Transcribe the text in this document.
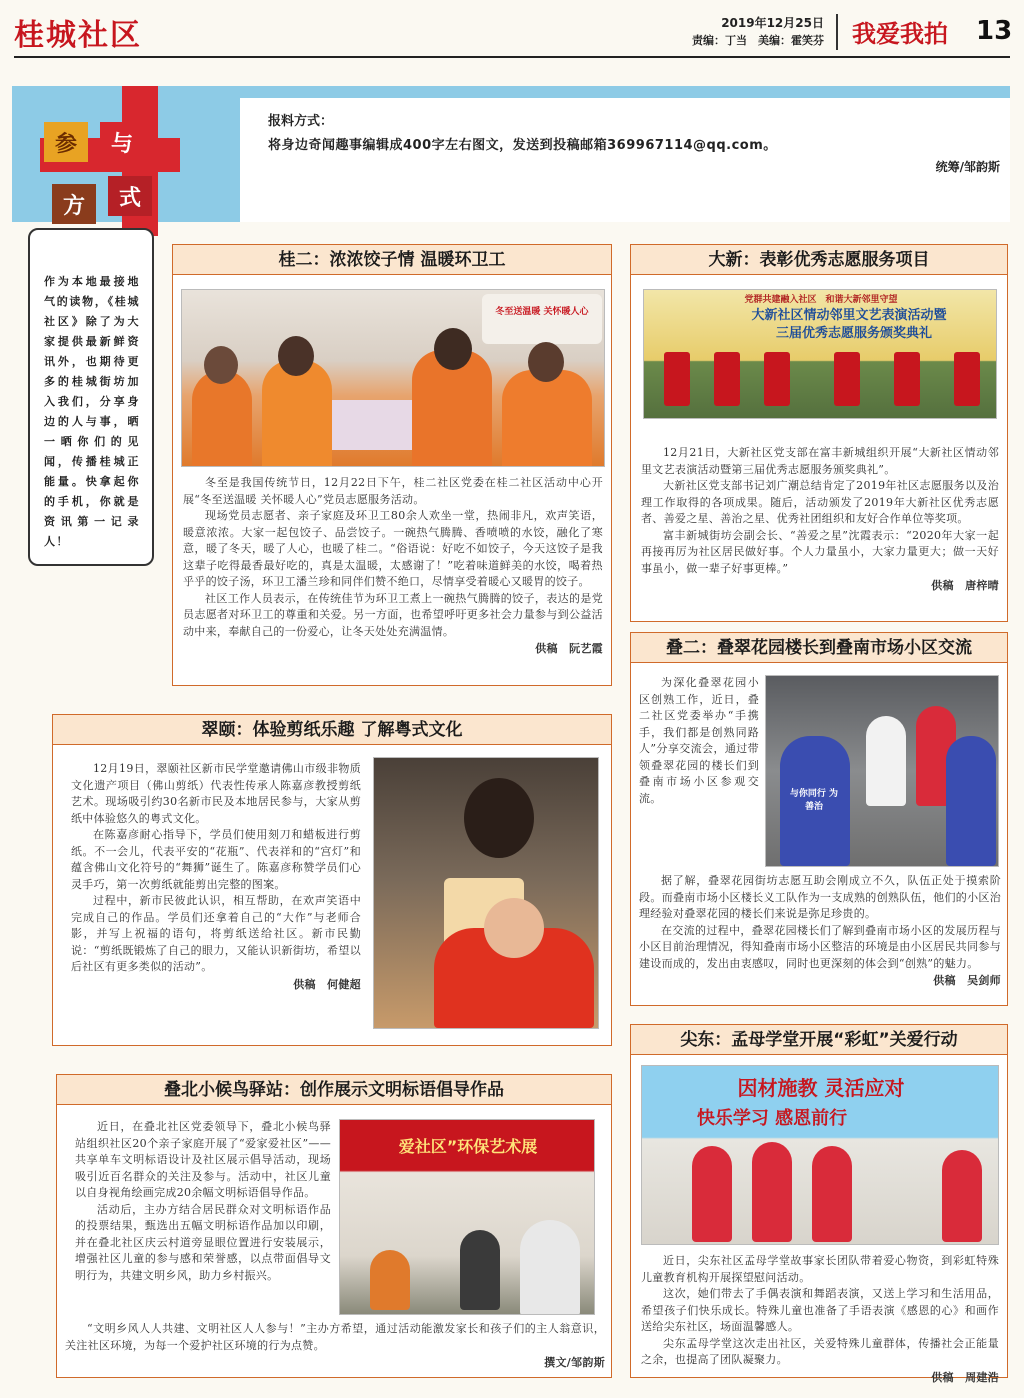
桂城社区	2019年12月25日
责编：丁当　美编：霍笑芬 我爱我拍 13
参	与
方	式
报料方式：
将身边奇闻趣事编辑成400字左右图文，发送到投稿邮箱369967114@qq.com。
统筹/邹韵斯
作为本地最接地气的读物，《桂城社区》除了为大家提供最新鲜资讯外，也期待更多的桂城街坊加入我们，分享身边的人与事，晒一晒你们的见闻，传播桂城正能量。快拿起你的手机，你就是资讯第一记录人！
桂二：浓浓饺子情 温暖环卫工
冬至送温暖 关怀暖人心

冬至是我国传统节日，12月22日下午，桂二社区党委在桂二社区活动中心开展“冬至送温暖 关怀暖人心”党员志愿服务活动。

现场党员志愿者、亲子家庭及环卫工80余人欢坐一堂，热闹非凡，欢声笑语，暖意浓浓。大家一起包饺子、品尝饺子。一碗热气腾腾、香喷喷的水饺，融化了寒意，暖了冬天，暖了人心，也暖了桂二。“俗语说：好吃不如饺子，今天这饺子是我这辈子吃得最香最好吃的，真是太温暖，太感谢了！”吃着味道鲜美的水饺，喝着热乎乎的饺子汤，环卫工潘兰珍和同伴们赞不绝口，尽情享受着暖心又暖胃的饺子。

社区工作人员表示，在传统佳节为环卫工煮上一碗热气腾腾的饺子，表达的是党员志愿者对环卫工的尊重和关爱。另一方面，也希望呼吁更多社会力量参与到公益活动中来，奉献自己的一份爱心，让冬天处处充满温情。

供稿　阮艺霞
大新：表彰优秀志愿服务项目
党群共建融入社区　和谐大新邻里守望
大新社区情动邻里文艺表演活动暨
三届优秀志愿服务颁奖典礼

12月21日，大新社区党支部在富丰新城组织开展“大新社区情动邻里文艺表演活动暨第三届优秀志愿服务颁奖典礼”。

大新社区党支部书记刘广潮总结肯定了2019年社区志愿服务以及治理工作取得的各项成果。随后，活动颁发了2019年大新社区优秀志愿者、善爱之星、善治之星、优秀社团组织和友好合作单位等奖项。

富丰新城街坊会副会长、“善爱之星”沈霞表示：“2020年大家一起再接再厉为社区居民做好事。个人力量虽小，大家力量更大；做一天好事虽小，做一辈子好事更棒。”

供稿　唐梓晴
叠二：叠翠花园楼长到叠南市场小区交流
与你同行 为善治

为深化叠翠花园小区创熟工作，近日，叠二社区党委举办“手携手，我们都是创熟同路人”分享交流会，通过带领叠翠花园的楼长们到叠南市场小区参观交流。

据了解，叠翠花园街坊志愿互助会刚成立不久，队伍正处于摸索阶段。而叠南市场小区楼长义工队作为一支成熟的创熟队伍，他们的小区治理经验对叠翠花园的楼长们来说是弥足珍贵的。

在交流的过程中，叠翠花园楼长们了解到叠南市场小区的发展历程与小区目前治理情况，得知叠南市场小区整洁的环境是由小区居民共同参与建设而成的，发出由衷感叹，同时也更深刻的体会到“创熟”的魅力。

供稿　吴剑师
翠颐：体验剪纸乐趣 了解粤式文化

12月19日，翠颐社区新市民学堂邀请佛山市级非物质文化遗产项目（佛山剪纸）代表性传承人陈嘉彦教授剪纸艺术。现场吸引约30名新市民及本地居民参与，大家从剪纸中体验悠久的粤式文化。

在陈嘉彦耐心指导下，学员们使用刻刀和蜡板进行剪纸。不一会儿，代表平安的“花瓶”、代表祥和的“宫灯”和蕴含佛山文化符号的“舞狮”诞生了。陈嘉彦称赞学员们心灵手巧，第一次剪纸就能剪出完整的图案。

过程中，新市民彼此认识，相互帮助，在欢声笑语中完成自己的作品。学员们还拿着自己的“大作”与老师合影，并写上祝福的语句，将剪纸送给社区。新市民勤说：“剪纸既锻炼了自己的眼力，又能认识新街坊，希望以后社区有更多类似的活动”。

供稿　何健超
叠北小候鸟驿站：创作展示文明标语倡导作品
爱社区”环保艺术展

近日，在叠北社区党委领导下，叠北小候鸟驿站组织社区20个亲子家庭开展了“爱家爱社区”——共享单车文明标语设计及社区展示倡导活动，现场吸引近百名群众的关注及参与。活动中，社区儿童以自身视角绘画完成20余幅文明标语倡导作品。

活动后，主办方结合居民群众对文明标语作品的投票结果，甄选出五幅文明标语作品加以印刷，并在叠北社区庆云村道旁显眼位置进行安装展示，增强社区儿童的参与感和荣誉感，以点带面倡导文明行为，共建文明乡风，助力乡村振兴。

“文明乡风人人共建、文明社区人人参与！”主办方希望，通过活动能激发家长和孩子们的主人翁意识，关注社区环境，为每一个爱护社区环境的行为点赞。

撰文/邹韵斯
尖东：孟母学堂开展“彩虹”关爱行动
因材施教 灵活应对
快乐学习 感恩前行

近日，尖东社区孟母学堂故事家长团队带着爱心物资，到彩虹特殊儿童教育机构开展探望慰问活动。

这次，她们带去了手偶表演和舞蹈表演，又送上学习和生活用品，希望孩子们快乐成长。特殊儿童也准备了手语表演《感恩的心》和画作送给尖东社区，场面温馨感人。

尖东孟母学堂这次走出社区，关爱特殊儿童群体，传播社会正能量之余，也提高了团队凝聚力。

供稿　周建浩
